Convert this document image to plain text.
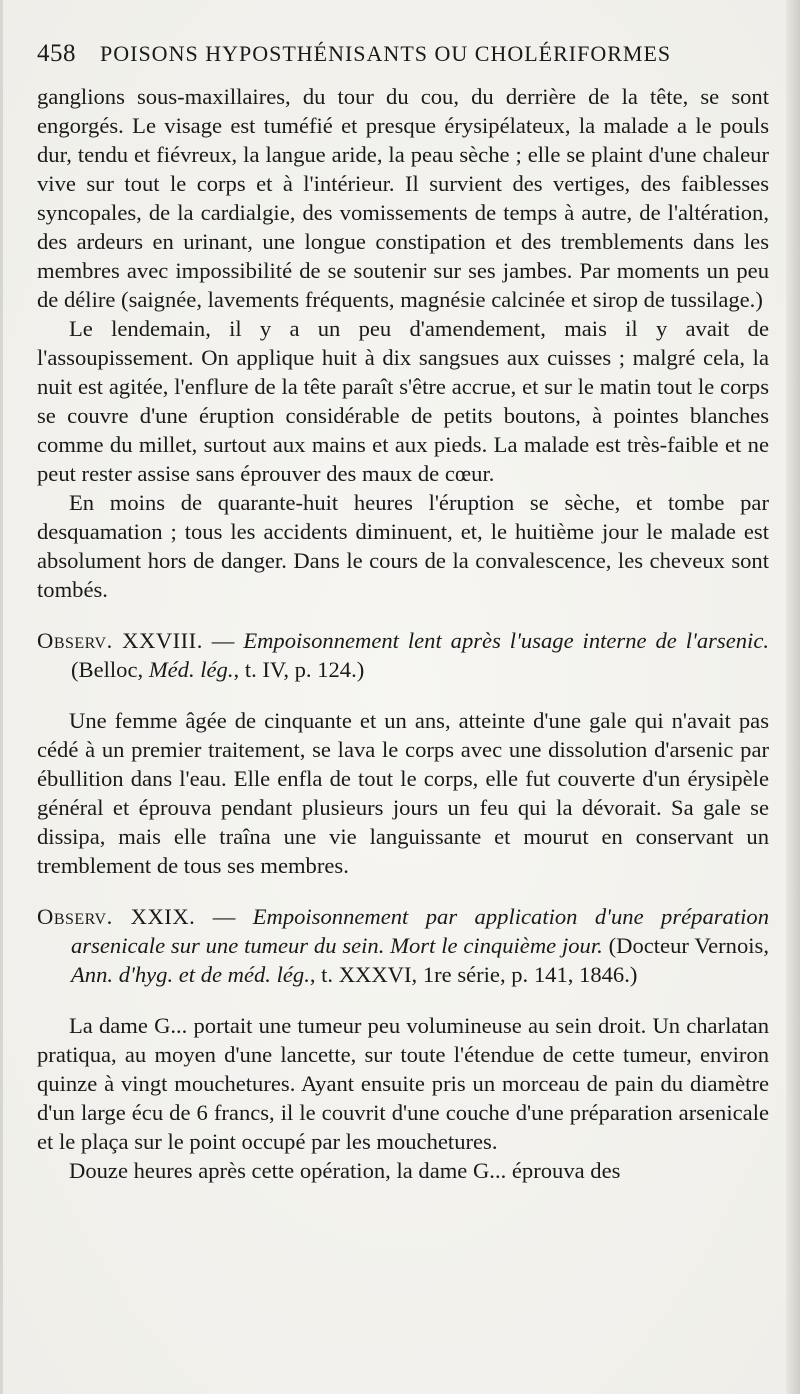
458 POISONS HYPOSTHÉNISANTS OU CHOLÉRIFORMES

ganglions sous-maxillaires, du tour du cou, du derrière de la tête, se sont engorgés. Le visage est tuméfié et presque érysipélateux, la malade a le pouls dur, tendu et fiévreux, la langue aride, la peau sèche ; elle se plaint d'une chaleur vive sur tout le corps et à l'intérieur. Il survient des vertiges, des faiblesses syncopales, de la cardialgie, des vomissements de temps à autre, de l'altération, des ardeurs en urinant, une longue constipation et des tremblements dans les membres avec impossibilité de se soutenir sur ses jambes. Par moments un peu de délire (saignée, lavements fréquents, magnésie calcinée et sirop de tussilage.)

Le lendemain, il y a un peu d'amendement, mais il y avait de l'assoupissement. On applique huit à dix sangsues aux cuisses ; malgré cela, la nuit est agitée, l'enflure de la tête paraît s'être accrue, et sur le matin tout le corps se couvre d'une éruption considérable de petits boutons, à pointes blanches comme du millet, surtout aux mains et aux pieds. La malade est très-faible et ne peut rester assise sans éprouver des maux de cœur.

En moins de quarante-huit heures l'éruption se sèche, et tombe par desquamation ; tous les accidents diminuent, et, le huitième jour le malade est absolument hors de danger. Dans le cours de la convalescence, les cheveux sont tombés.

Observ. XXVIII. — Empoisonnement lent après l'usage interne de l'arsenic. (Belloc, Méd. lég., t. IV, p. 124.)

Une femme âgée de cinquante et un ans, atteinte d'une gale qui n'avait pas cédé à un premier traitement, se lava le corps avec une dissolution d'arsenic par ébullition dans l'eau. Elle enfla de tout le corps, elle fut couverte d'un érysipèle général et éprouva pendant plusieurs jours un feu qui la dévorait. Sa gale se dissipa, mais elle traîna une vie languissante et mourut en conservant un tremblement de tous ses membres.

Observ. XXIX. — Empoisonnement par application d'une préparation arsenicale sur une tumeur du sein. Mort le cinquième jour. (Docteur Vernois, Ann. d'hyg. et de méd. lég., t. XXXVI, 1re série, p. 141, 1846.)

La dame G... portait une tumeur peu volumineuse au sein droit. Un charlatan pratiqua, au moyen d'une lancette, sur toute l'étendue de cette tumeur, environ quinze à vingt mouchetures. Ayant ensuite pris un morceau de pain du diamètre d'un large écu de 6 francs, il le couvrit d'une couche d'une préparation arsenicale et le plaça sur le point occupé par les mouchetures.

Douze heures après cette opération, la dame G... éprouva des
